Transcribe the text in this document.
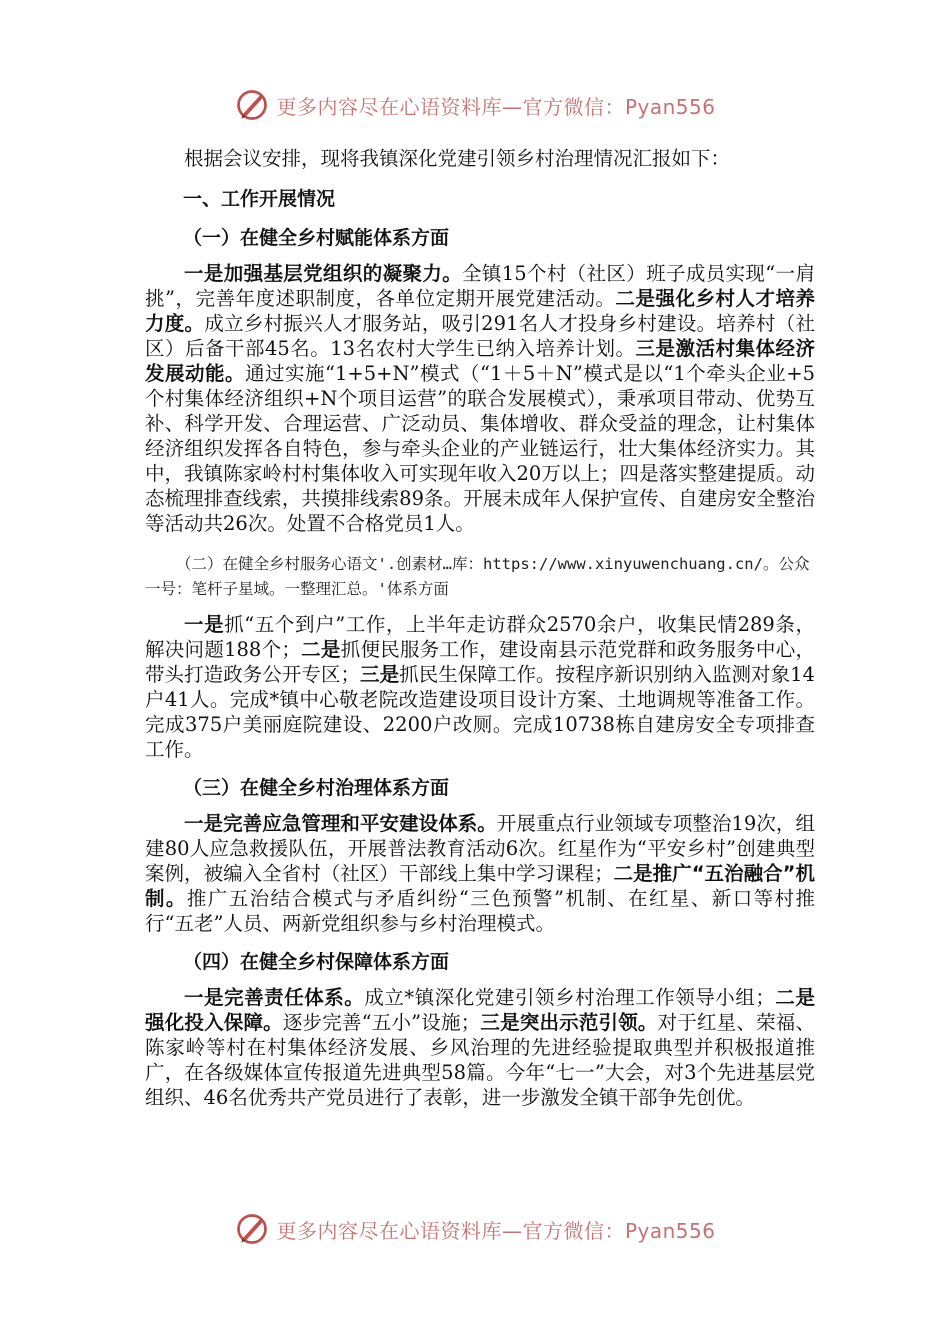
更多内容尽在心语资料库—官方微信：Pyan556

根据会议安排，现将我镇深化党建引领乡村治理情况汇报如下：

一、工作开展情况

（一）在健全乡村赋能体系方面

一是加强基层党组织的凝聚力。全镇15个村（社区）班子成员实现“一肩挑”，完善年度述职制度，各单位定期开展党建活动。二是强化乡村人才培养力度。成立乡村振兴人才服务站，吸引291名人才投身乡村建设。培养村（社区）后备干部45名。13名农村大学生已纳入培养计划。三是激活村集体经济发展动能。通过实施“1+5+N”模式（“1＋5＋N”模式是以“1个牵头企业+5个村集体经济组织+N个项目运营”的联合发展模式），秉承项目带动、优势互补、科学开发、合理运营、广泛动员、集体增收、群众受益的理念，让村集体经济组织发挥各自特色，参与牵头企业的产业链运行，壮大集体经济实力。其中，我镇陈家岭村村集体收入可实现年收入20万以上；四是落实整建提质。动态梳理排查线索，共摸排线索89条。开展未成年人保护宣传、自建房安全整治等活动共26次。处置不合格党员1人。

（二）在健全乡村服务心语文'.创素材…库：https://www.xinyuwenchuang.cn/。公众一号：笔杆子星域。一整理汇总。'体系方面

一是抓“五个到户”工作，上半年走访群众2570余户，收集民情289条，解决问题188个；二是抓便民服务工作，建设南县示范党群和政务服务中心，带头打造政务公开专区；三是抓民生保障工作。按程序新识别纳入监测对象14户41人。完成*镇中心敬老院改造建设项目设计方案、土地调规等准备工作。完成375户美丽庭院建设、2200户改厕。完成10738栋自建房安全专项排查工作。

（三）在健全乡村治理体系方面

一是完善应急管理和平安建设体系。开展重点行业领域专项整治19次，组建80人应急救援队伍，开展普法教育活动6次。红星作为“平安乡村”创建典型案例，被编入全省村（社区）干部线上集中学习课程；二是推广“五治融合”机制。推广五治结合模式与矛盾纠纷“三色预警”机制、在红星、新口等村推行“五老”人员、两新党组织参与乡村治理模式。

（四）在健全乡村保障体系方面

一是完善责任体系。成立*镇深化党建引领乡村治理工作领导小组；二是强化投入保障。逐步完善“五小”设施；三是突出示范引领。对于红星、荣福、陈家岭等村在村集体经济发展、乡风治理的先进经验提取典型并积极报道推广，在各级媒体宣传报道先进典型58篇。今年“七一”大会，对3个先进基层党组织、46名优秀共产党员进行了表彰，进一步激发全镇干部争先创优。

更多内容尽在心语资料库—官方微信：Pyan556
